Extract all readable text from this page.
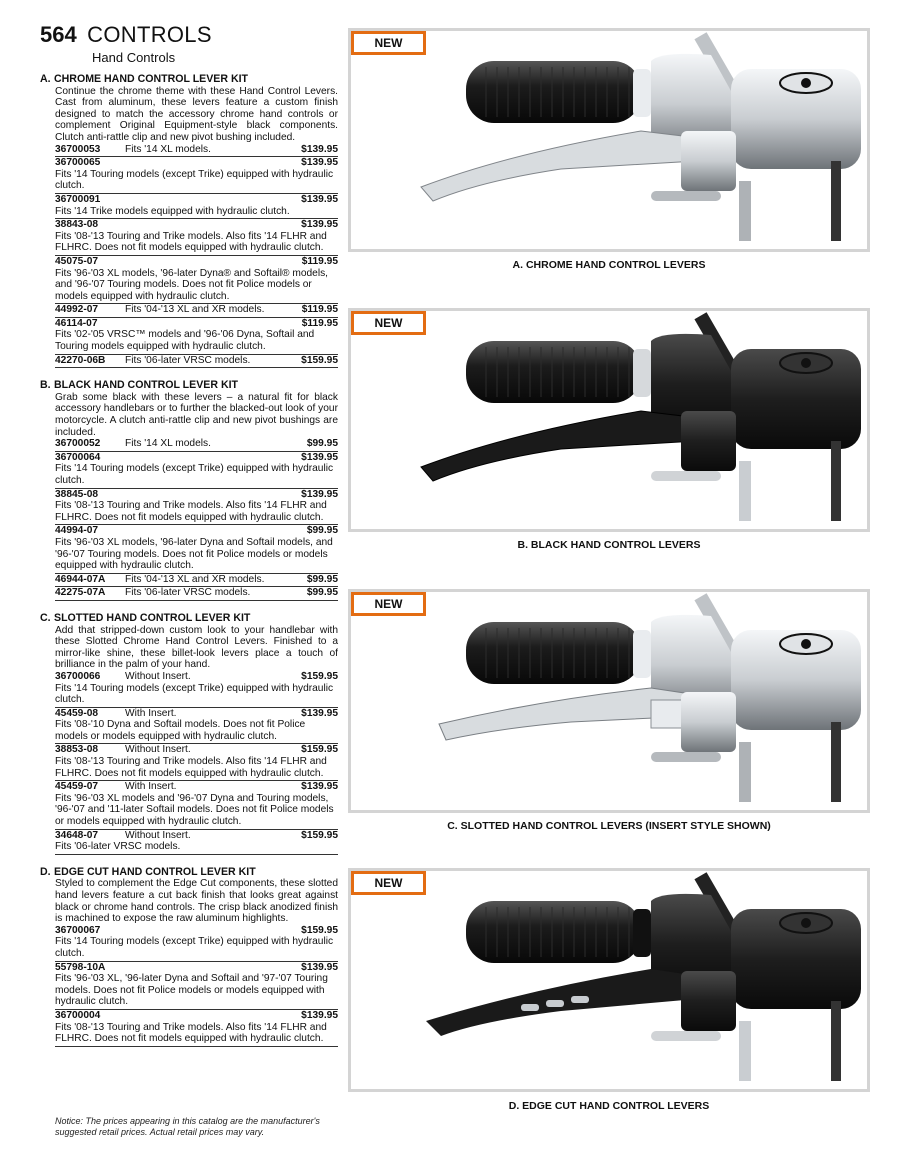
564 CONTROLS
Hand Controls
A. CHROME HAND CONTROL LEVER KIT
Continue the chrome theme with these Hand Control Levers. Cast from aluminum, these levers feature a custom finish designed to match the accessory chrome hand controls or complement Original Equipment-style black components. Clutch anti-rattle clip and new pivot bushing included.
36700053	Fits '14 XL models.	$139.95
36700065	$139.95
Fits '14 Touring models (except Trike) equipped with hydraulic clutch.
36700091	$139.95
Fits '14 Trike models equipped with hydraulic clutch.
38843-08	$139.95
Fits '08-'13 Touring and Trike models. Also fits '14 FLHR and FLHRC. Does not fit models equipped with hydraulic clutch.
45075-07	$119.95
Fits '96-'03 XL models, '96-later Dyna® and Softail® models, and '96-'07 Touring models. Does not fit Police models or models equipped with hydraulic clutch.
44992-07	Fits '04-'13 XL and XR models.	$119.95
46114-07	$119.95
Fits '02-'05 VRSC™ models and '96-'06 Dyna, Softail and Touring models equipped with hydraulic clutch.
42270-06B	Fits '06-later VRSC models.	$159.95
B. BLACK HAND CONTROL LEVER KIT
Grab some black with these levers – a natural fit for black accessory handlebars or to further the blacked-out look of your motorcycle. A clutch anti-rattle clip and new pivot bushings are included.
36700052	Fits '14 XL models.	$99.95
36700064	$139.95
Fits '14 Touring models (except Trike) equipped with hydraulic clutch.
38845-08	$139.95
Fits '08-'13 Touring and Trike models. Also fits '14 FLHR and FLHRC. Does not fit models equipped with hydraulic clutch.
44994-07	$99.95
Fits '96-'03 XL models, '96-later Dyna and Softail models, and '96-'07 Touring models. Does not fit Police models or models equipped with hydraulic clutch.
46944-07A	Fits '04-'13 XL and XR models.	$99.95
42275-07A	Fits '06-later VRSC models.	$99.95
C. SLOTTED HAND CONTROL LEVER KIT
Add that stripped-down custom look to your handlebar with these Slotted Chrome Hand Control Levers. Finished to a mirror-like shine, these billet-look levers place a touch of brilliance in the palm of your hand.
36700066	Without Insert.	$159.95
Fits '14 Touring models (except Trike) equipped with hydraulic clutch.
45459-08	With Insert.	$139.95
Fits '08-'10 Dyna and Softail models. Does not fit Police models or models equipped with hydraulic clutch.
38853-08	Without Insert.	$159.95
Fits '08-'13 Touring and Trike models. Also fits '14 FLHR and FLHRC. Does not fit models equipped with hydraulic clutch.
45459-07	With Insert.	$139.95
Fits '96-'03 XL models and '96-'07 Dyna and Touring models, '96-'07 and '11-later Softail models. Does not fit Police models or models equipped with hydraulic clutch.
34648-07	Without Insert.	$159.95
Fits '06-later VRSC models.
D. EDGE CUT HAND CONTROL LEVER KIT
Styled to complement the Edge Cut components, these slotted hand levers feature a cut back finish that looks great against black or chrome hand controls. The crisp black anodized finish is machined to expose the raw aluminum highlights.
36700067	$159.95
Fits '14 Touring models (except Trike) equipped with hydraulic clutch.
55798-10A	$139.95
Fits '96-'03 XL, '96-later Dyna and Softail and '97-'07 Touring models. Does not fit Police models or models equipped with hydraulic clutch.
36700004	$139.95
Fits '08-'13 Touring and Trike models. Also fits '14 FLHR and FLHRC. Does not fit models equipped with hydraulic clutch.
Notice: The prices appearing in this catalog are the manufacturer's suggested retail prices. Actual retail prices may vary.
NEW
A. CHROME HAND CONTROL LEVERS
NEW
B. BLACK HAND CONTROL LEVERS
NEW
C. SLOTTED HAND CONTROL LEVERS (INSERT STYLE SHOWN)
NEW
D. EDGE CUT HAND CONTROL LEVERS
